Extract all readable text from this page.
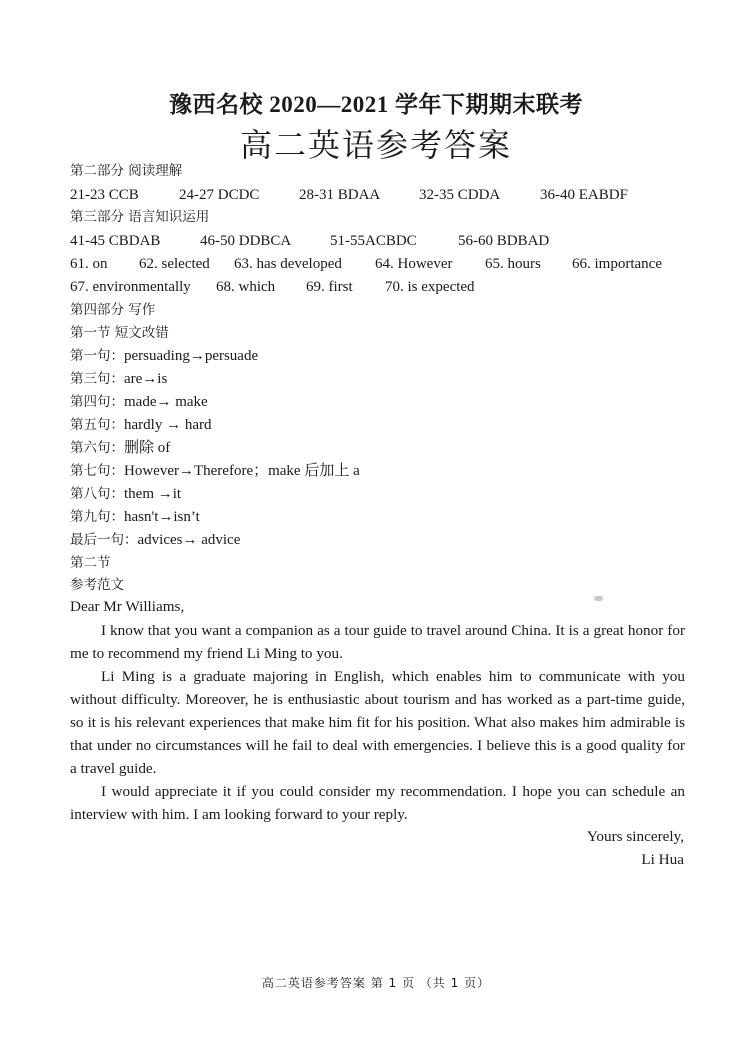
豫西名校 2020—2021 学年下期期末联考
高二英语参考答案
第二部分 阅读理解
21-23 CCB	24-27 DCDC	28-31 BDAA	32-35 CDDA	36-40 EABDF
第三部分 语言知识运用
41-45 CBDAB	46-50 DDBCA	51-55ACBDC	56-60 BDBAD
61. on 62. selected 63. has developed 64. However 65. hours 66. importance
67. environmentally 68. which 69. first 70. is expected
第四部分 写作
第一节 短文改错
第一句：persuading→persuade
第三句：are→is
第四句：made→ make
第五句：hardly → hard
第六句：删除 of
第七句：However→Therefore；make 后加上 a
第八句：them →it
第九句：hasn't→isn’t
最后一句：advices→ advice
第二节
参考范文
Dear Mr Williams,

I know that you want a companion as a tour guide to travel around China. It is a great honor for me to recommend my friend Li Ming to you.

Li Ming is a graduate majoring in English, which enables him to communicate with you without difficulty. Moreover, he is enthusiastic about tourism and has worked as a part-time guide, so it is his relevant experiences that make him fit for his position. What also makes him admirable is that under no circumstances will he fail to deal with emergencies. I believe this is a good quality for a travel guide.

I would appreciate it if you could consider my recommendation. I hope you can schedule an interview with him. I am looking forward to your reply.

Yours sincerely,
Li Hua
高二英语参考答案 第 1 页 （共 1 页）
